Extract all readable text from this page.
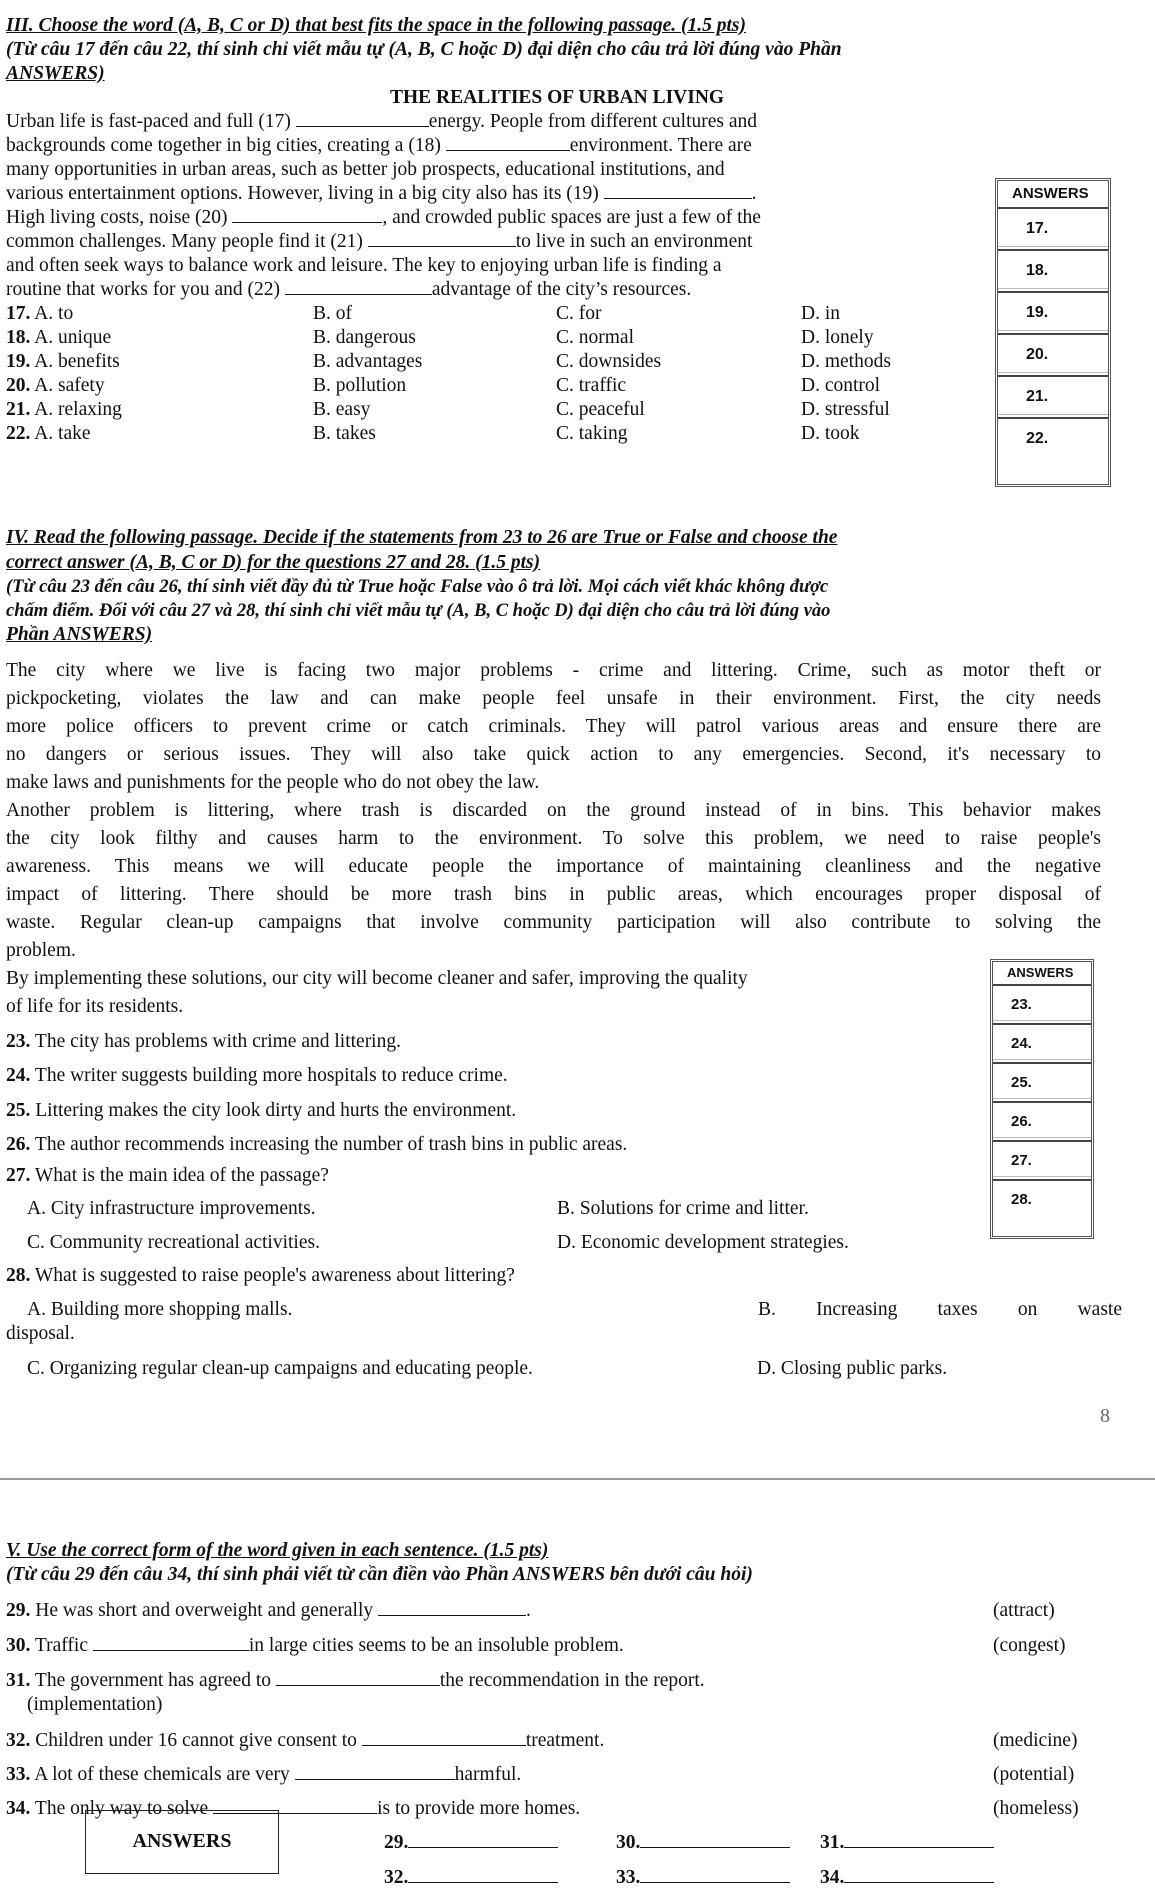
III. Choose the word (A, B, C or D) that best fits the space in the following passage. (1.5 pts)
(Từ câu 17 đến câu 22, thí sinh chỉ viết mẫu tự (A, B, C hoặc D) đại diện cho câu trả lời đúng vào Phần
ANSWERS)
THE REALITIES OF URBAN LIVING
Urban life is fast-paced and full (17)	energy. People from different cultures and
backgrounds come together in big cities, creating a (18)	environment. There are
many opportunities in urban areas, such as better job prospects, educational institutions, and
various entertainment options. However, living in a big city also has its (19)	.
High living costs, noise (20)	, and crowded public spaces are just a few of the
common challenges. Many people find it (21)	to live in such an environment
and often seek ways to balance work and leisure. The key to enjoying urban life is finding a
routine that works for you and (22)	advantage of the city’s resources.
17. A. to	B. of	C. for	D. in
18. A. unique	B. dangerous	C. normal	D. lonely
19. A. benefits	B. advantages	C. downsides	D. methods
20. A. safety	B. pollution	C. traffic	D. control
21. A. relaxing	B. easy	C. peaceful	D. stressful
22. A. take	B. takes	C. taking	D. took
ANSWERS
17.
18.
19.
20.
21.
22.
IV. Read the following passage. Decide if the statements from 23 to 26 are True or False and choose the
correct answer (A, B, C or D) for the questions 27 and 28. (1.5 pts)
(Từ câu 23 đến câu 26, thí sinh viết đầy đủ từ True hoặc False vào ô trả lời. Mọi cách viết khác không được
chấm điểm. Đối với câu 27 và 28, thí sinh chỉ viết mẫu tự (A, B, C hoặc D) đại diện cho câu trả lời đúng vào
Phần ANSWERS)
The city where we live is facing two major problems - crime and littering. Crime, such as motor theft or
pickpocketing, violates the law and can make people feel unsafe in their environment. First, the city needs
more police officers to prevent crime or catch criminals. They will patrol various areas and ensure there are
no dangers or serious issues. They will also take quick action to any emergencies. Second, it's necessary to
make laws and punishments for the people who do not obey the law.
Another problem is littering, where trash is discarded on the ground instead of in bins. This behavior makes
the city look filthy and causes harm to the environment. To solve this problem, we need to raise people's
awareness. This means we will educate people the importance of maintaining cleanliness and the negative
impact of littering. There should be more trash bins in public areas, which encourages proper disposal of
waste. Regular clean-up campaigns that involve community participation will also contribute to solving the
problem.
By implementing these solutions, our city will become cleaner and safer, improving the quality
of life for its residents.
23. The city has problems with crime and littering.
24. The writer suggests building more hospitals to reduce crime.
25. Littering makes the city look dirty and hurts the environment.
26. The author recommends increasing the number of trash bins in public areas.
27. What is the main idea of the passage?
A. City infrastructure improvements.	B. Solutions for crime and litter.
C. Community recreational activities.	D. Economic development strategies.
28. What is suggested to raise people's awareness about littering?
A. Building more shopping malls.	B. Increasing taxes on waste
disposal.
C. Organizing regular clean-up campaigns and educating people.	D. Closing public parks.
ANSWERS
23.
24.
25.
26.
27.
28.
8
V. Use the correct form of the word given in each sentence. (1.5 pts)
(Từ câu 29 đến câu 34, thí sinh phải viết từ cần điền vào Phần ANSWERS bên dưới câu hỏi)
29. He was short and overweight and generally	.	(attract)
30. Traffic	in large cities seems to be an insoluble problem.	(congest)
31. The government has agreed to	the recommendation in the report.
(implementation)
32. Children under 16 cannot give consent to	treatment.	(medicine)
33. A lot of these chemicals are very	harmful.	(potential)
34. The only way to solve	is to provide more homes.	(homeless)
ANSWERS	29.	30.	31.
32.	33.	34.
